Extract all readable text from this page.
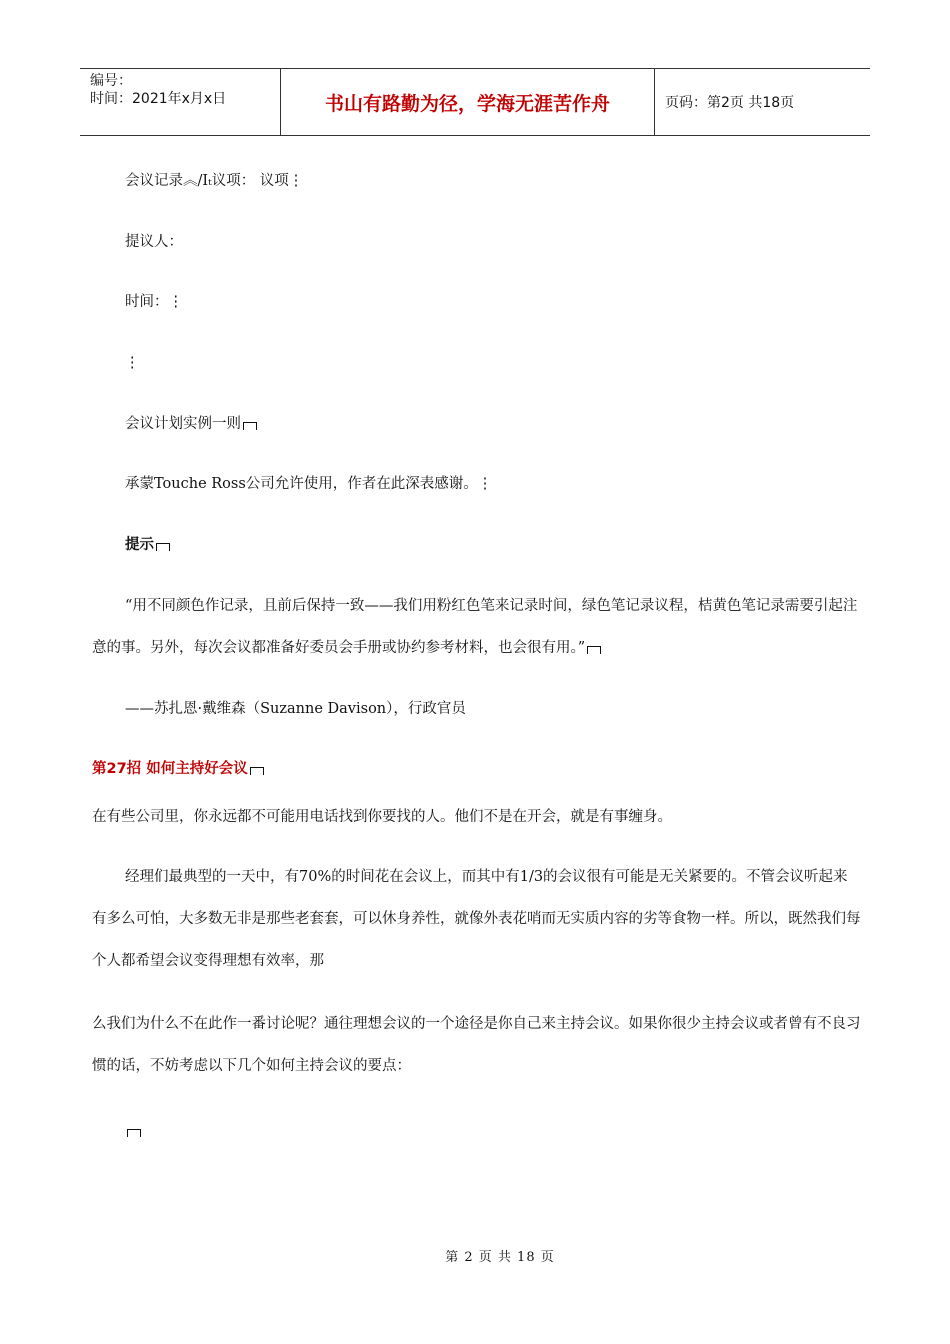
编号：
时间：2021年x月x日	书山有路勤为径，学海无涯苦作舟	页码：第2页 共18页
会议记录︽/Iₜ议项： 议项⋮
提议人：
时间：⋮
⋮
会议计划实例一则
承蒙Touche Ross公司允许使用，作者在此深表感谢。⋮
提示
“用不同颜色作记录，且前后保持一致——我们用粉红色笔来记录时间，绿色笔记录议程，桔黄色笔记录需要引起注意的事。另外，每次会议都准备好委员会手册或协约参考材料，也会很有用。”
——苏扎恩·戴维森（Suzanne Davison），行政官员
第27招 如何主持好会议
在有些公司里，你永远都不可能用电话找到你要找的人。他们不是在开会，就是有事缠身。
经理们最典型的一天中，有70%的时间花在会议上，而其中有1/3的会议很有可能是无关紧要的。不管会议听起来有多么可怕，大多数无非是那些老套套，可以休身养性，就像外表花哨而无实质内容的劣等食物一样。所以，既然我们每个人都希望会议变得理想有效率，那
么我们为什么不在此作一番讨论呢？通往理想会议的一个途径是你自己来主持会议。如果你很少主持会议或者曾有不良习惯的话，不妨考虑以下几个如何主持会议的要点：
第 2 页 共 18 页
